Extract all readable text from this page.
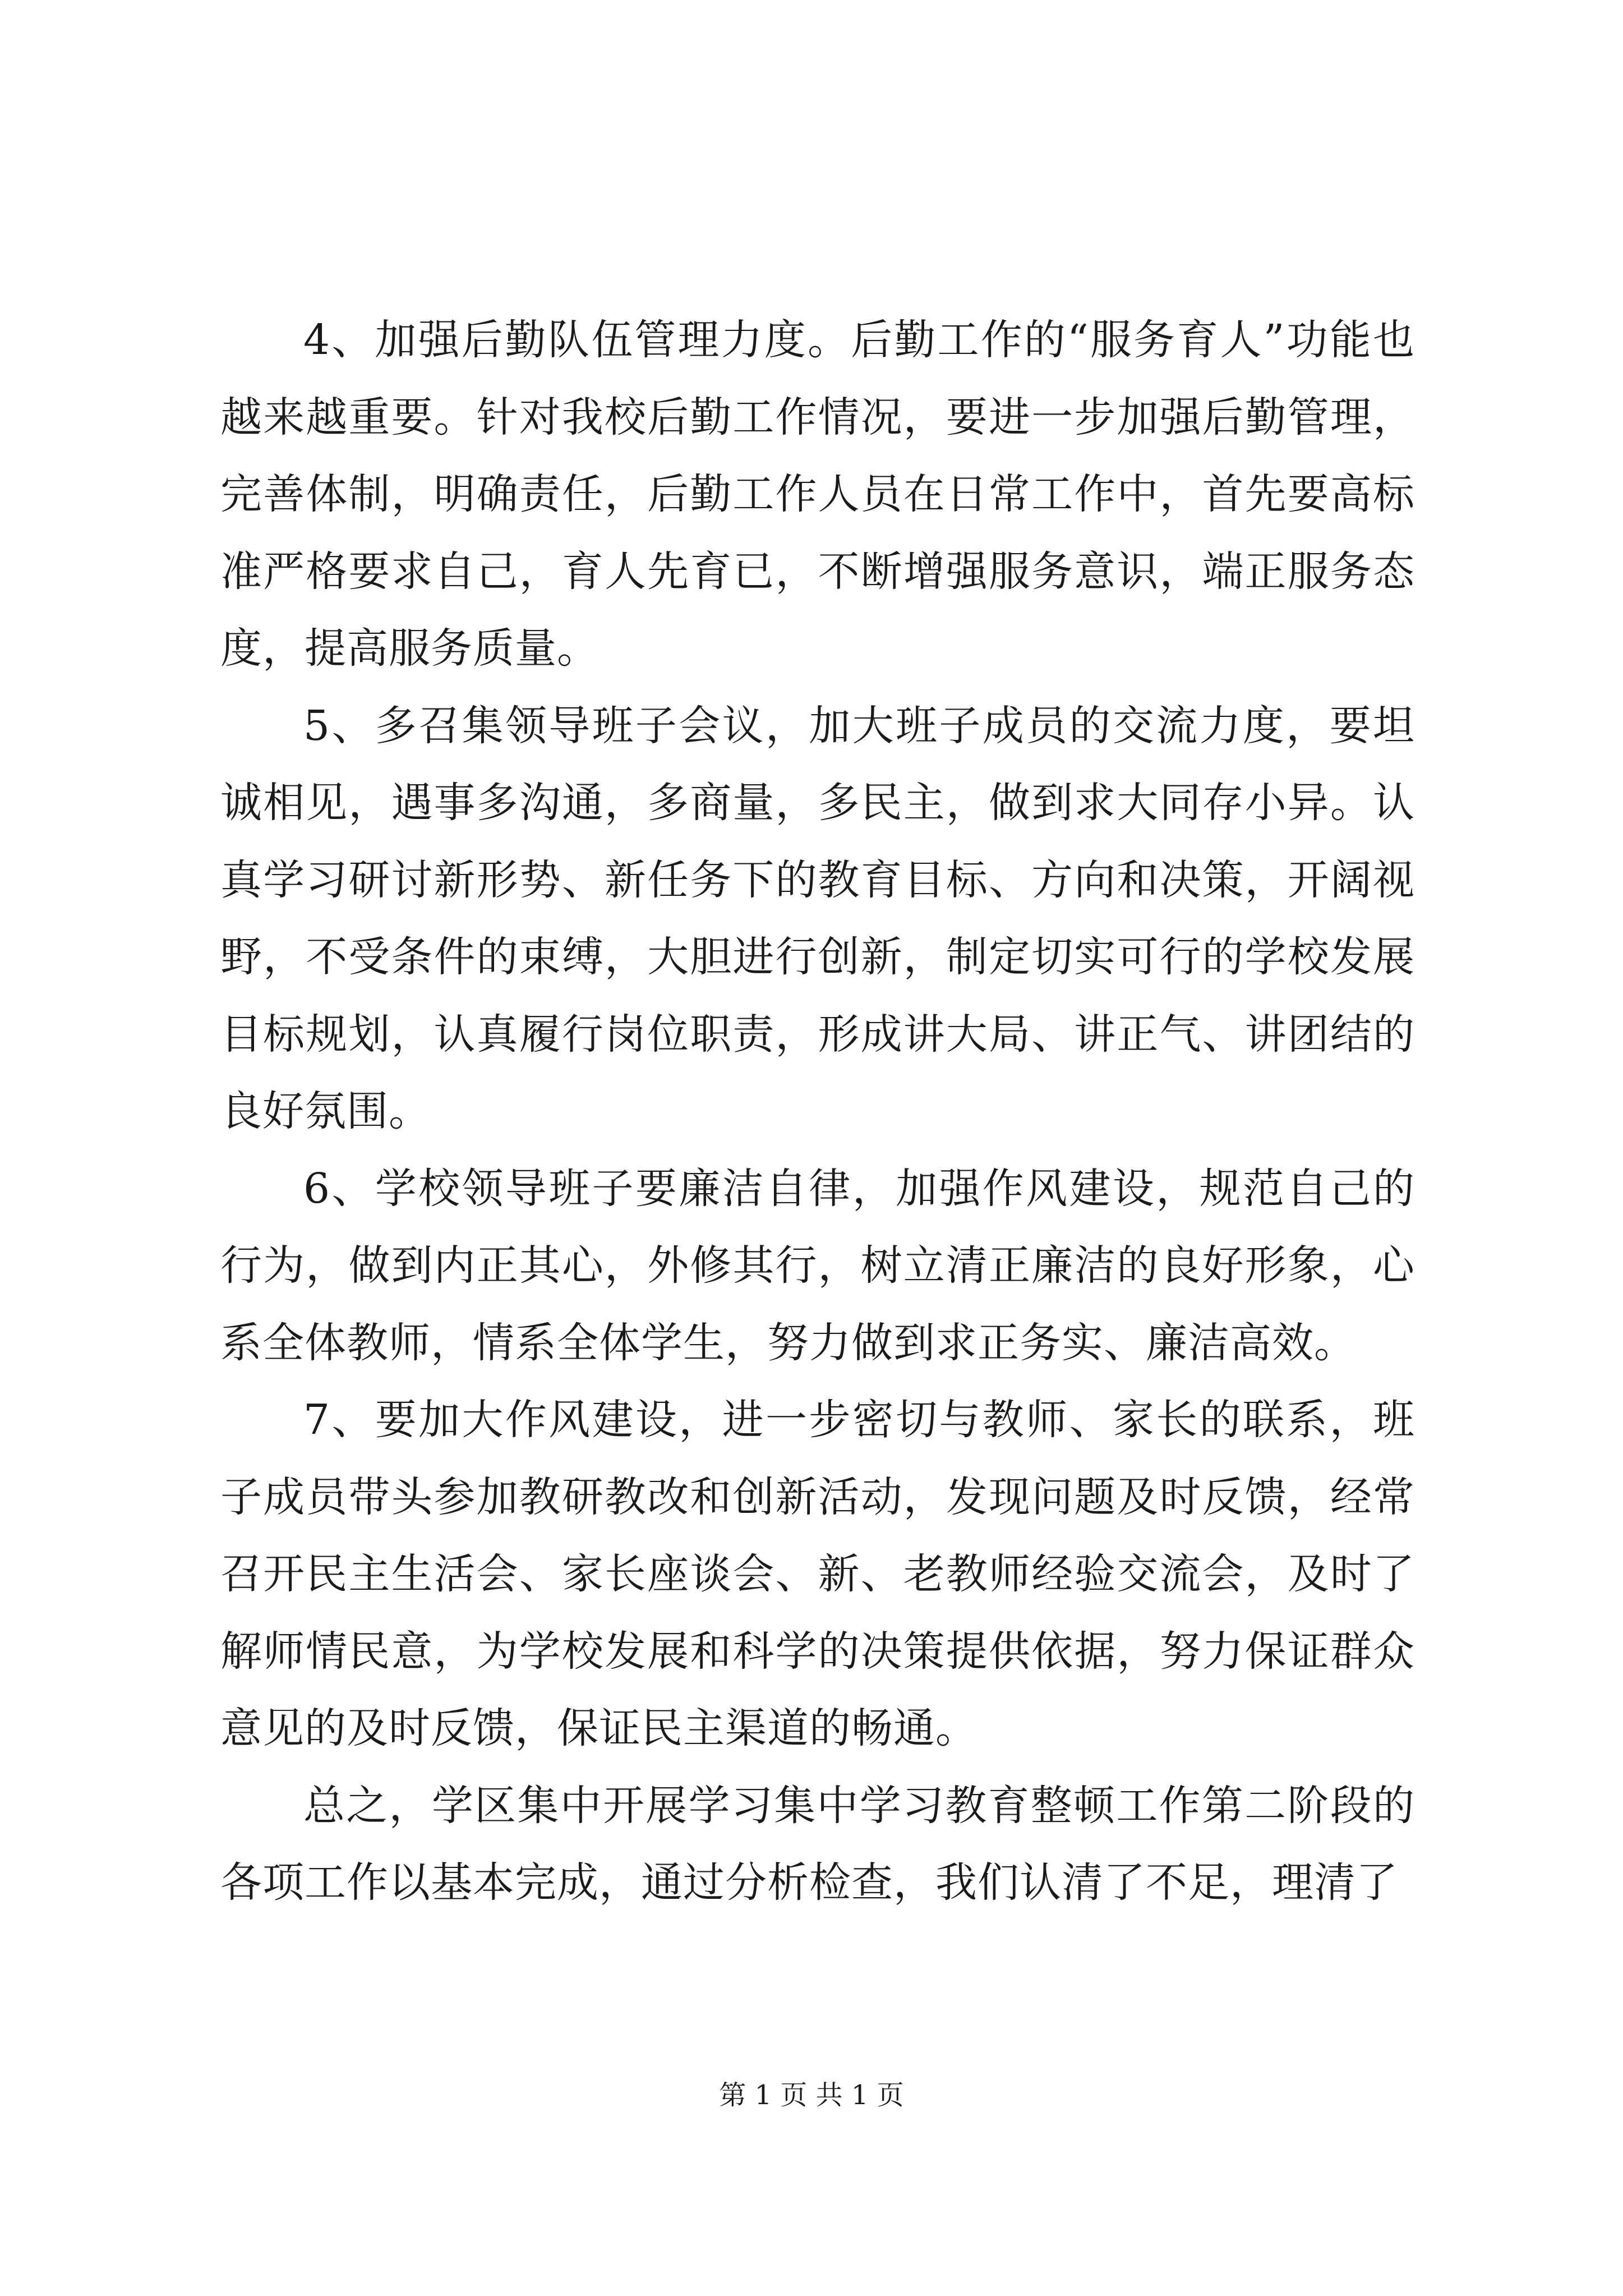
4、加强后勤队伍管理力度。后勤工作的“服务育人”功能也越来越重要。针对我校后勤工作情况，要进一步加强后勤管理，完善体制，明确责任，后勤工作人员在日常工作中，首先要高标准严格要求自己，育人先育已，不断增强服务意识，端正服务态度，提高服务质量。

5、多召集领导班子会议，加大班子成员的交流力度，要坦诚相见，遇事多沟通，多商量，多民主，做到求大同存小异。认真学习研讨新形势、新任务下的教育目标、方向和决策，开阔视野，不受条件的束缚，大胆进行创新，制定切实可行的学校发展目标规划，认真履行岗位职责，形成讲大局、讲正气、讲团结的良好氛围。

6、学校领导班子要廉洁自律，加强作风建设，规范自己的行为，做到内正其心，外修其行，树立清正廉洁的良好形象，心系全体教师，情系全体学生，努力做到求正务实、廉洁高效。

7、要加大作风建设，进一步密切与教师、家长的联系，班子成员带头参加教研教改和创新活动，发现问题及时反馈，经常召开民主生活会、家长座谈会、新、老教师经验交流会，及时了解师情民意，为学校发展和科学的决策提供依据，努力保证群众意见的及时反馈，保证民主渠道的畅通。

总之，学区集中开展学习集中学习教育整顿工作第二阶段的各项工作以基本完成，通过分析检查，我们认清了不足，理清了

第 1 页 共 1 页
